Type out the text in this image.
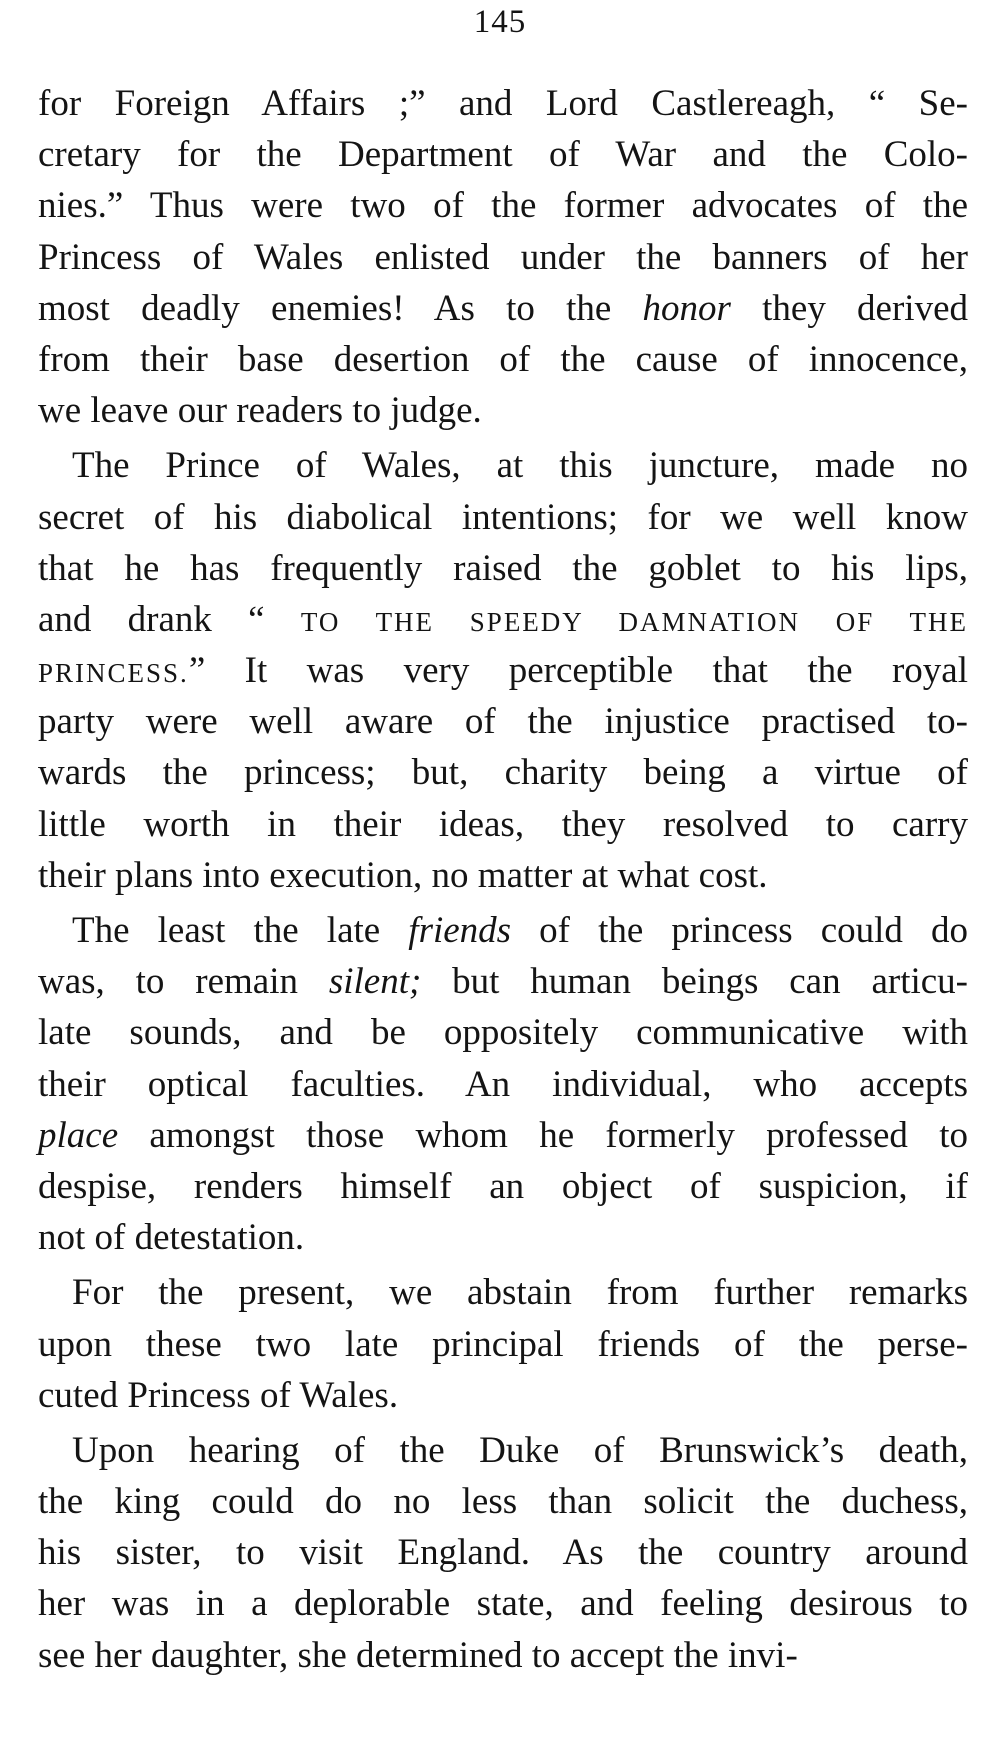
145
for Foreign Affairs ;” and Lord Castlereagh, “ Se-
cretary for the Department of War and the Colo-
nies.” Thus were two of the former advocates of the
Princess of Wales enlisted under the banners of her
most deadly enemies! As to the honor they derived
from their base desertion of the cause of innocence,
we leave our readers to judge.
The Prince of Wales, at this juncture, made no
secret of his diabolical intentions; for we well know
that he has frequently raised the goblet to his lips,
and drank “ TO THE SPEEDY DAMNATION OF THE
PRINCESS.” It was very perceptible that the royal
party were well aware of the injustice practised to-
wards the princess; but, charity being a virtue of
little worth in their ideas, they resolved to carry
their plans into execution, no matter at what cost.
The least the late friends of the princess could do
was, to remain silent; but human beings can articu-
late sounds, and be oppositely communicative with
their optical faculties. An individual, who accepts
place amongst those whom he formerly professed to
despise, renders himself an object of suspicion, if
not of detestation.
For the present, we abstain from further remarks
upon these two late principal friends of the perse-
cuted Princess of Wales.
Upon hearing of the Duke of Brunswick’s death,
the king could do no less than solicit the duchess,
his sister, to visit England. As the country around
her was in a deplorable state, and feeling desirous to
see her daughter, she determined to accept the invi-
